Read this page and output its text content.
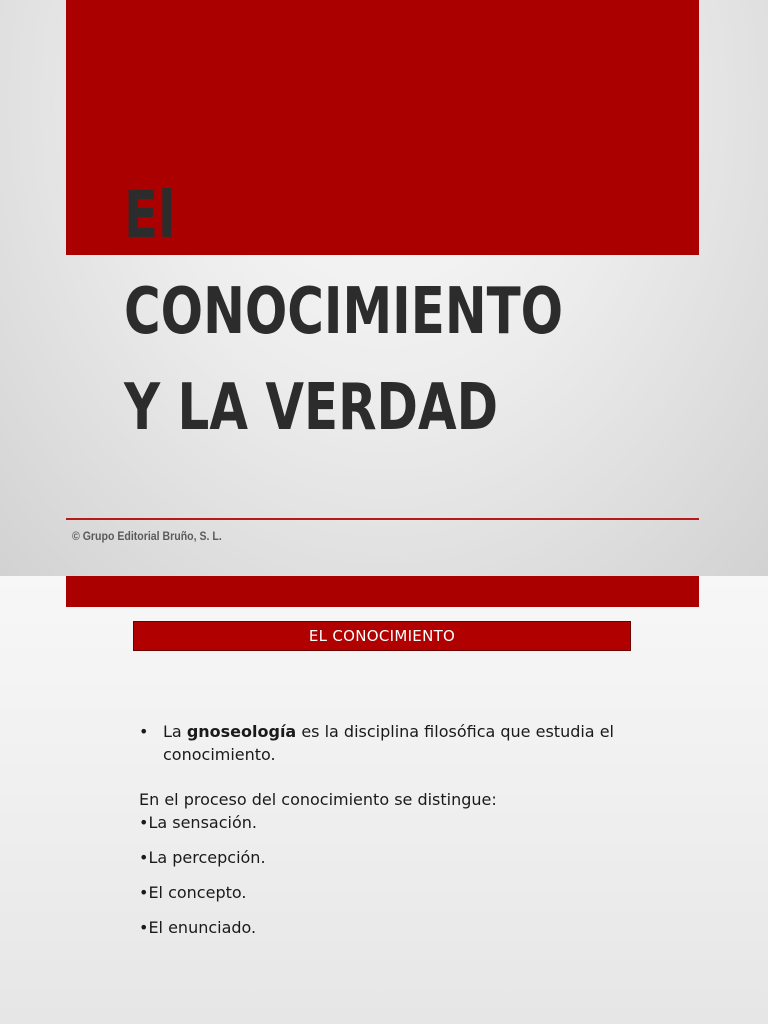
El
CONOCIMIENTO
Y LA VERDAD
© Grupo Editorial Bruño, S. L.
EL CONOCIMIENTO
• La gnoseología es la disciplina filosófica que estudia el conocimiento.
En el proceso del conocimiento se distingue:
•La sensación.
•La percepción.
•El concepto.
•El enunciado.
